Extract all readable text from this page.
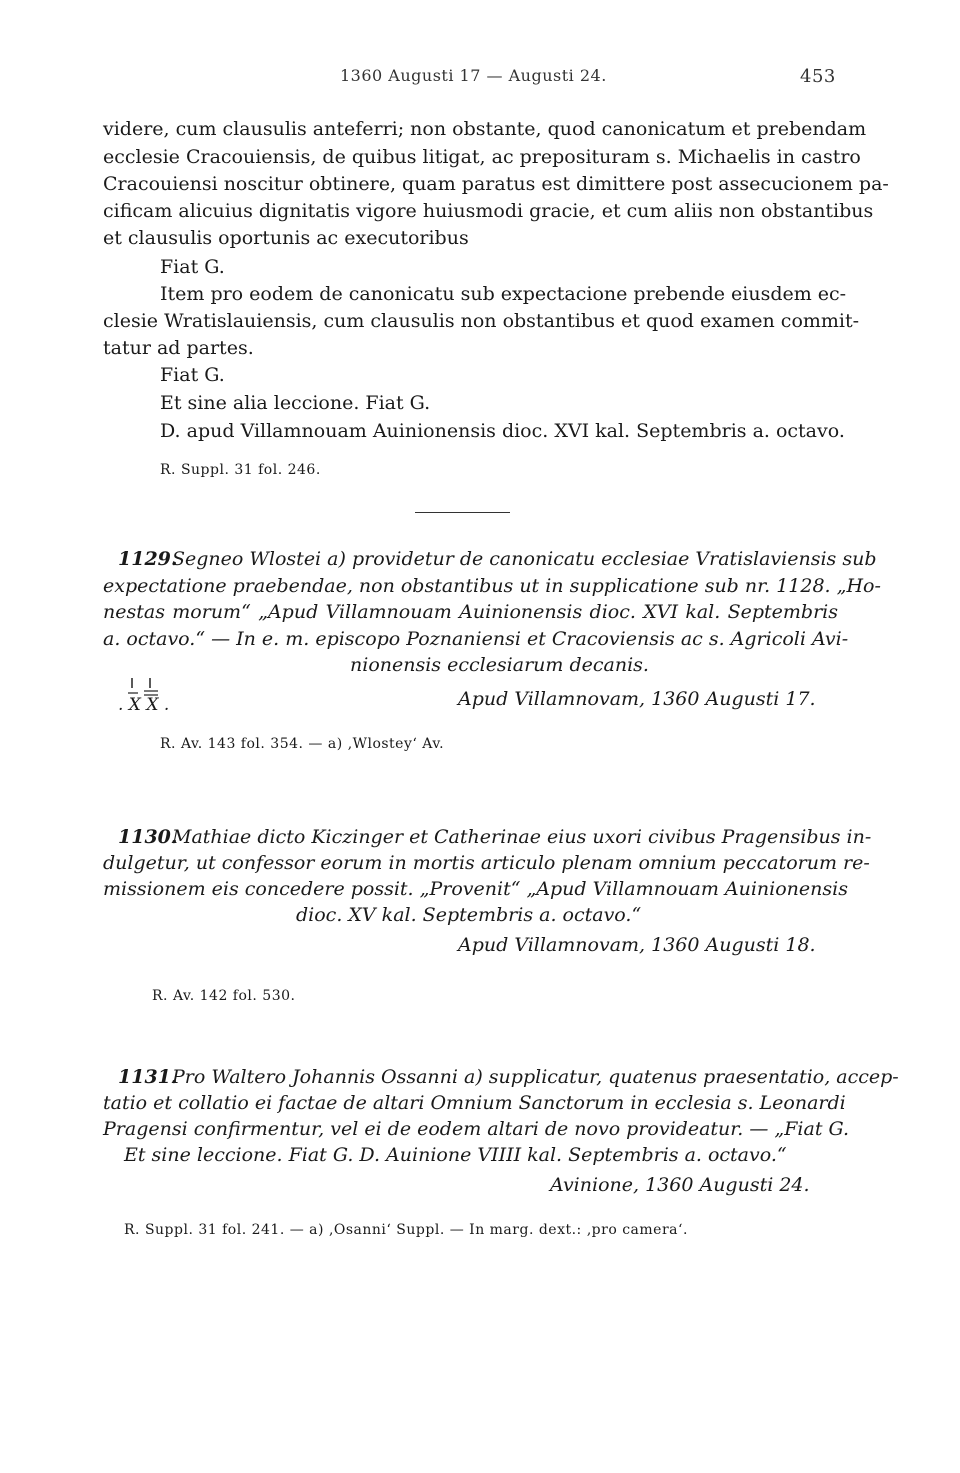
1360 Augusti 17 — Augusti 24.	453
videre, cum clausulis anteferri; non obstante, quod canonicatum et prebendam
ecclesie Cracouiensis, de quibus litigat, ac preposituram s. Michaelis in castro
Cracouiensi noscitur obtinere, quam paratus est dimittere post assecucionem pa-
cificam alicuius dignitatis vigore huiusmodi gracie, et cum aliis non obstantibus
et clausulis oportunis ac executoribus
Fiat G.
Item pro eodem de canonicatu sub expectacione prebende eiusdem ec-
clesie Wratislauiensis, cum clausulis non obstantibus et quod examen commit-
tatur ad partes.
Fiat G.
Et sine alia leccione. Fiat G.
D. apud Villamnouam Auinionensis dioc. XVI kal. Septembris a. octavo.
R. Suppl. 31 fol. 246.
1129.
Segneo Wlostei a) providetur de canonicatu ecclesiae Vratislaviensis sub
expectatione praebendae, non obstantibus ut in supplicatione sub nr. 1128. „Ho-
nestas morum“ „Apud Villamnouam Auinionensis dioc. XVI kal. Septembris
a. octavo.“ — In e. m. episcopo Poznaniensi et Cracoviensis ac s. Agricoli Avi-
nionensis ecclesiarum decanis.
. X X .	Apud Villamnovam, 1360 Augusti 17.
R. Av. 143 fol. 354. — a) ‚Wlostey‘ Av.
1130.
Mathiae dicto Kiczinger et Catherinae eius uxori civibus Pragensibus in-
dulgetur, ut confessor eorum in mortis articulo plenam omnium peccatorum re-
missionem eis concedere possit. „Provenit“ „Apud Villamnouam Auinionensis
dioc. XV kal. Septembris a. octavo.“
Apud Villamnovam, 1360 Augusti 18.
R. Av. 142 fol. 530.
1131.
Pro Waltero Johannis Ossanni a) supplicatur, quatenus praesentatio, accep-
tatio et collatio ei factae de altari Omnium Sanctorum in ecclesia s. Leonardi
Pragensi confirmentur, vel ei de eodem altari de novo provideatur. — „Fiat G.
Et sine leccione. Fiat G. D. Auinione VIIII kal. Septembris a. octavo.“
Avinione, 1360 Augusti 24.
R. Suppl. 31 fol. 241. — a) ‚Osanni‘ Suppl. — In marg. dext.: ‚pro camera‘.
